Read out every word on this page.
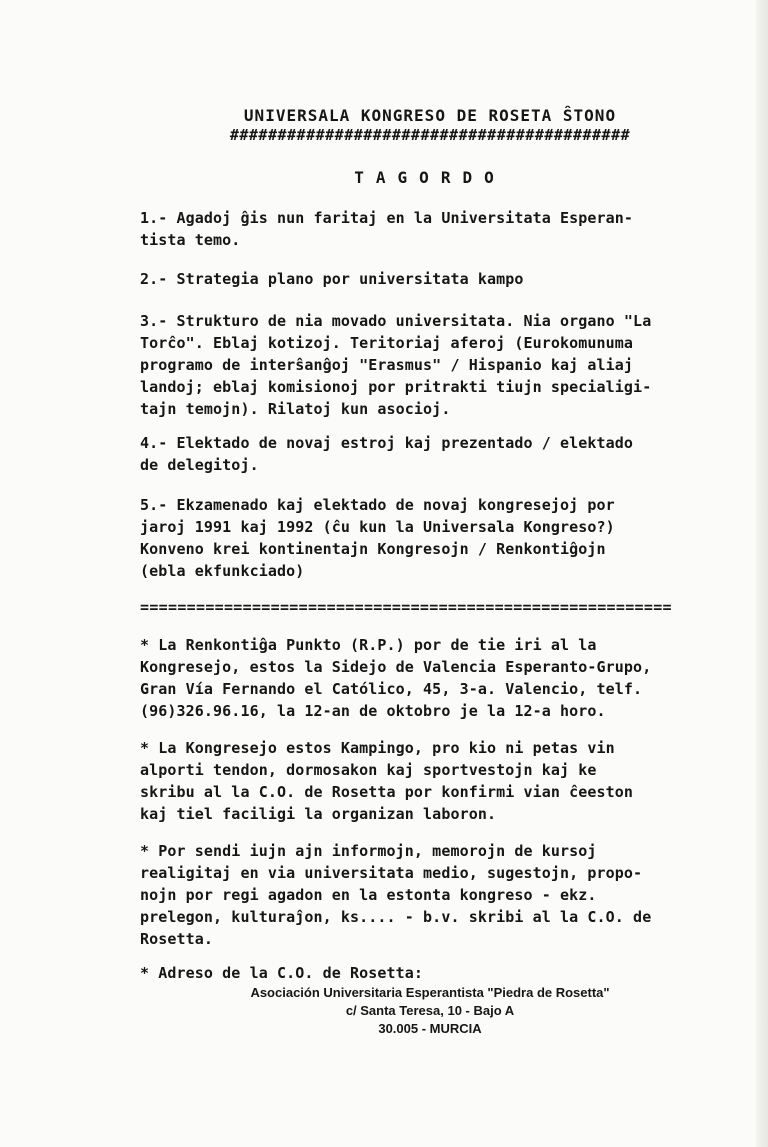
UNIVERSALA KONGRESO DE ROSETA ŜTONO
##########################################
TAGORDO

1.- Agadoj ĝis nun faritaj en la Universitata Esperan-
tista temo.

2.- Strategia plano por universitata kampo

3.- Strukturo de nia movado universitata. Nia organo "La
Torĉo". Eblaj kotizoj. Teritoriaj aferoj (Eurokomunuma
programo de interŝanĝoj "Erasmus" / Hispanio kaj aliaj
landoj; eblaj komisionoj por pritrakti tiujn specialigi-
tajn temojn). Rilatoj kun asocioj.

4.- Elektado de novaj estroj kaj prezentado / elektado
de delegitoj.

5.- Ekzamenado kaj elektado de novaj kongresejoj por
jaroj 1991 kaj 1992 (ĉu kun la Universala Kongreso?)
Konveno krei kontinentajn Kongresojn / Renkontiĝojn
(ebla ekfunkciado)

=========================================================

* La Renkontiĝa Punkto (R.P.) por de tie iri al la
Kongresejo, estos la Sidejo de Valencia Esperanto-Grupo,
Gran Vía Fernando el Católico, 45, 3-a. Valencio, telf.
(96)326.96.16, la 12-an de oktobro je la 12-a horo.

* La Kongresejo estos Kampingo, pro kio ni petas vin
alporti tendon, dormosakon kaj sportvestojn kaj ke
skribu al la C.O. de Rosetta por konfirmi vian ĉeeston
kaj tiel faciligi la organizan laboron.

* Por sendi iujn ajn informojn, memorojn de kursoj
realigitaj en via universitata medio, sugestojn, propo-
nojn por regi agadon en la estonta kongreso - ekz.
prelegon, kulturaĵon, ks.... - b.v. skribi al la C.O. de
Rosetta.

* Adreso de la C.O. de Rosetta:

Asociación Universitaria Esperantista "Piedra de Rosetta"
c/ Santa Teresa, 10 - Bajo A
30.005 - MURCIA
